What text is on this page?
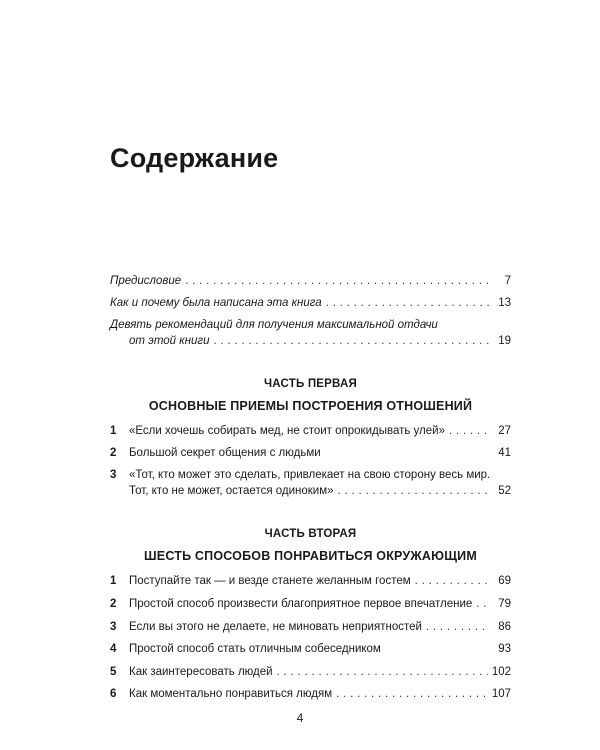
Содержание
Предисловие . . .	7
Как и почему была написана эта книга . . .	13
Девять рекомендаций для получения максимальной отдачи
от этой книги . . .	19
ЧАСТЬ ПЕРВАЯ
ОСНОВНЫЕ ПРИЕМЫ ПОСТРОЕНИЯ ОТНОШЕНИЙ
1	«Если хочешь собирать мед, не стоит опрокидывать улей» . . .	27
2	Большой секрет общения с людьми	41
3	«Тот, кто может это сделать, привлекает на свою сторону весь мир.
Тот, кто не может, остается одиноким» . . .	52
ЧАСТЬ ВТОРАЯ
ШЕСТЬ СПОСОБОВ ПОНРАВИТЬСЯ ОКРУЖАЮЩИМ
1	Поступайте так — и везде станете желанным гостем . . .	69
2	Простой способ произвести благоприятное первое впечатление . . .	79
3	Если вы этого не делаете, не миновать неприятностей . . .	86
4	Простой способ стать отличным собеседником	93
5	Как заинтересовать людей . . .	102
6	Как моментально понравиться людям . . .	107
4
